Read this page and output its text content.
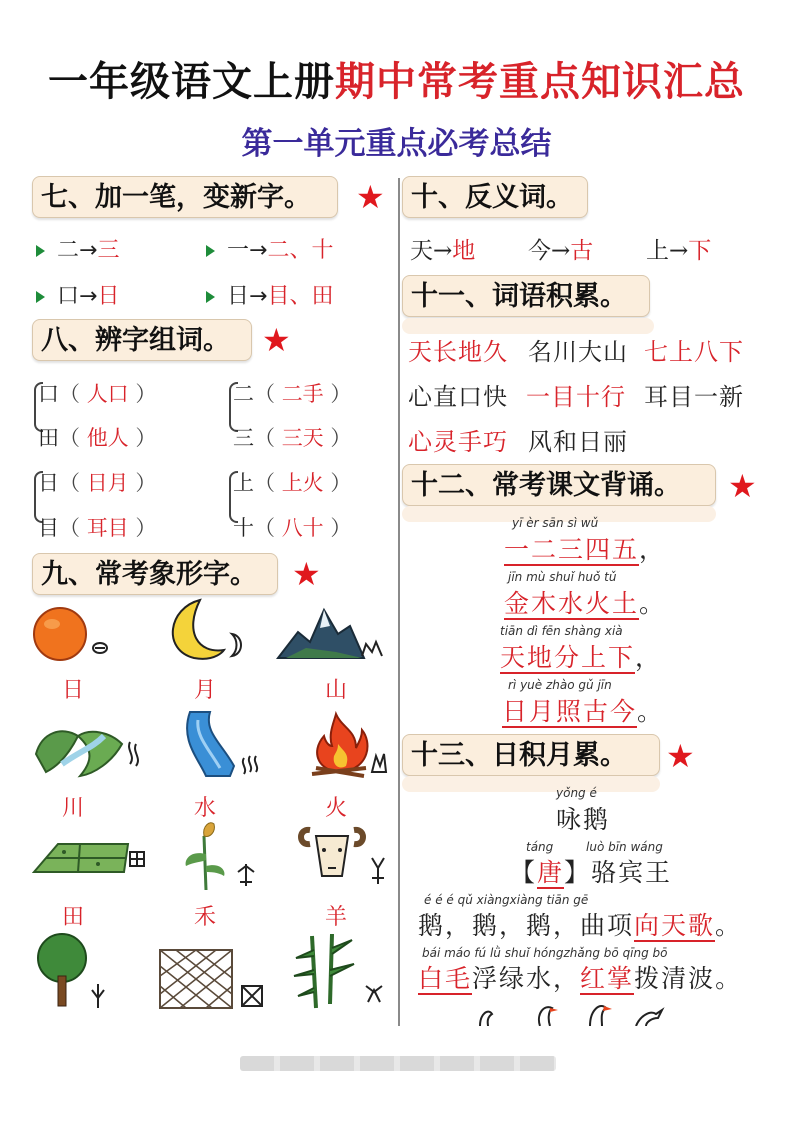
一年级语文上册期中常考重点知识汇总
第一单元重点必考总结
七、加一笔，变新字。	★
二→三	一→二、十
口→日	日→目、田
八、辨字组词。	★
口（ 人口 ）
田（ 他人 ）
二（ 二手 ）
三（ 三天 ）
日（ 日月 ）
目（ 耳目 ）
上（ 上火 ）
十（ 八十 ）
九、常考象形字。	★
日	月	山
川	水	火
田	禾	羊
十、反义词。
天→地 今→古 上→下
十一、词语积累。
天长地久 名川大山 七上八下
心直口快 一目十行 耳目一新
心灵手巧 风和日丽
十二、常考课文背诵。	★
yī èr sān sì wǔ
一二三四五，
jīn mù shuǐ huǒ tǔ
金木水火土。
tiān dì fēn shàng xià
天地分上下，
rì yuè zhào gǔ jīn
日月照古今。
十三、日积月累。	★
yǒng é
咏鹅
táng	luò bīn wáng
【唐】骆宾王
é é é qǔ xiàngxiàng tiān gē
鹅，鹅，鹅，曲项向天歌。
bái máo fú lǜ shuǐ hóngzhǎng bō qīng bō
白毛浮绿水，红掌拨清波。
